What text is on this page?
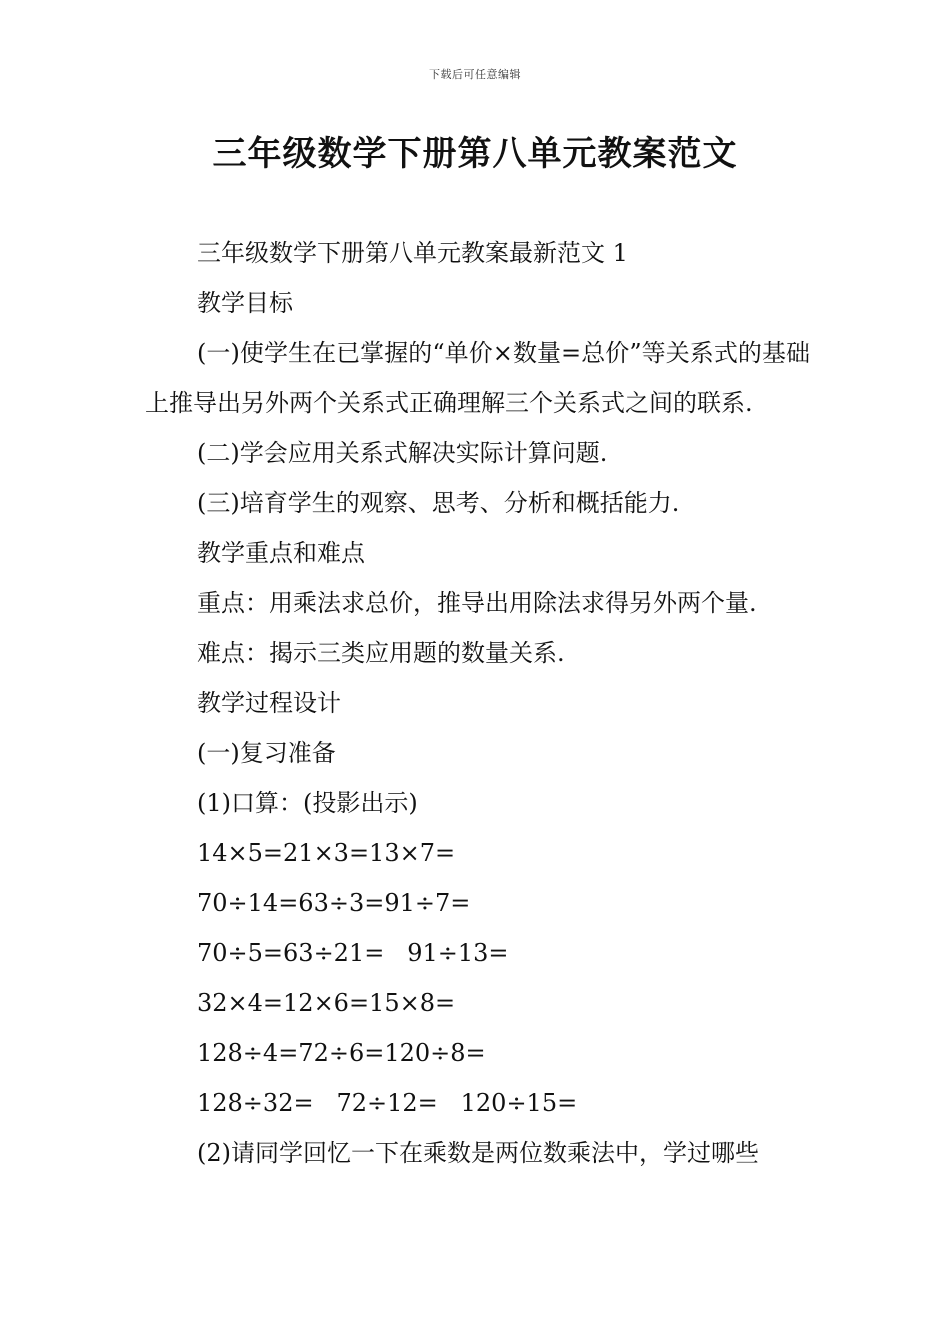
下载后可任意编辑
三年级数学下册第八单元教案范文

三年级数学下册第八单元教案最新范文 1

教学目标

(一)使学生在已掌握的“单价×数量=总价”等关系式的基础上推导出另外两个关系式正确理解三个关系式之间的联系.

(二)学会应用关系式解决实际计算问题.

(三)培育学生的观察、思考、分析和概括能力.

教学重点和难点

重点：用乘法求总价，推导出用除法求得另外两个量.

难点：揭示三类应用题的数量关系.

教学过程设计

(一)复习准备

(1)口算：(投影出示)

14×5=21×3=13×7=

70÷14=63÷3=91÷7=

70÷5=63÷21=   91÷13=

32×4=12×6=15×8=

128÷4=72÷6=120÷8=

128÷32=   72÷12=   120÷15=

(2)请同学回忆一下在乘数是两位数乘法中，学过哪些
